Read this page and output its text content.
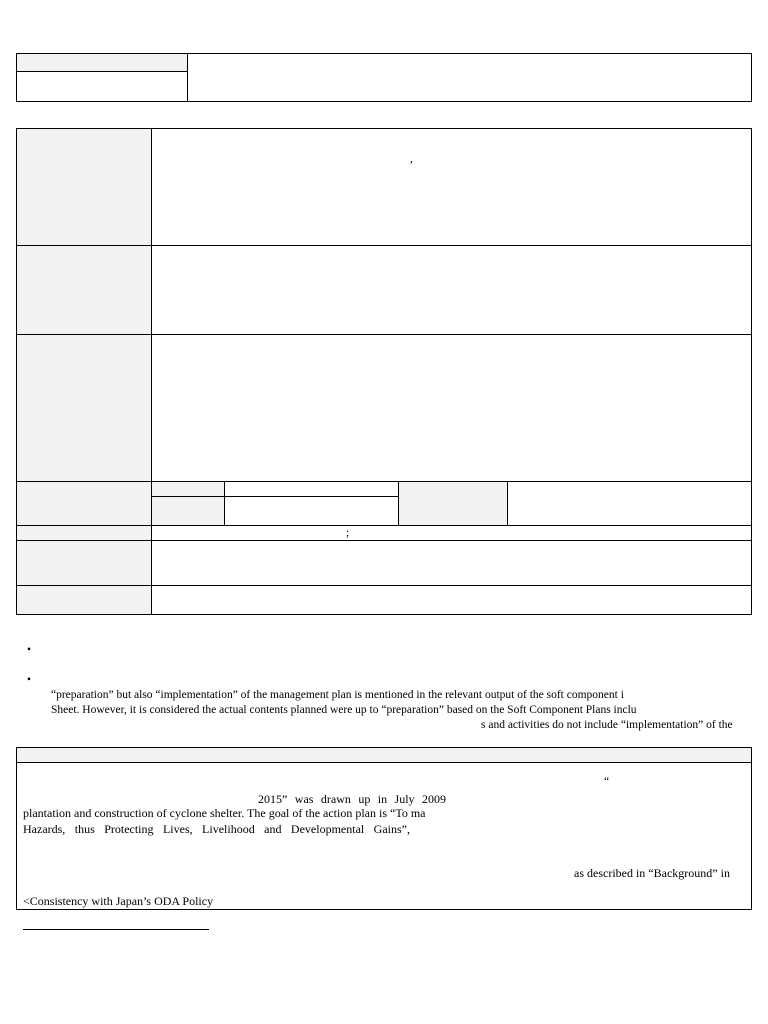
,
;
•
•
“preparation” but also “implementation” of the management plan is mentioned in the relevant output of the soft component i
Sheet. However, it is considered the actual contents planned were up to “preparation” based on the Soft Component Plans inclu
s and activities do not include “implementation” of the
“
2015” was drawn up in July 2009
plantation and construction of cyclone shelter. The goal of the action plan is “To ma
Hazards, thus Protecting Lives, Livelihood and Developmental Gains”,
as described in “Background” in
<Consistency with Japan’s ODA Policy
